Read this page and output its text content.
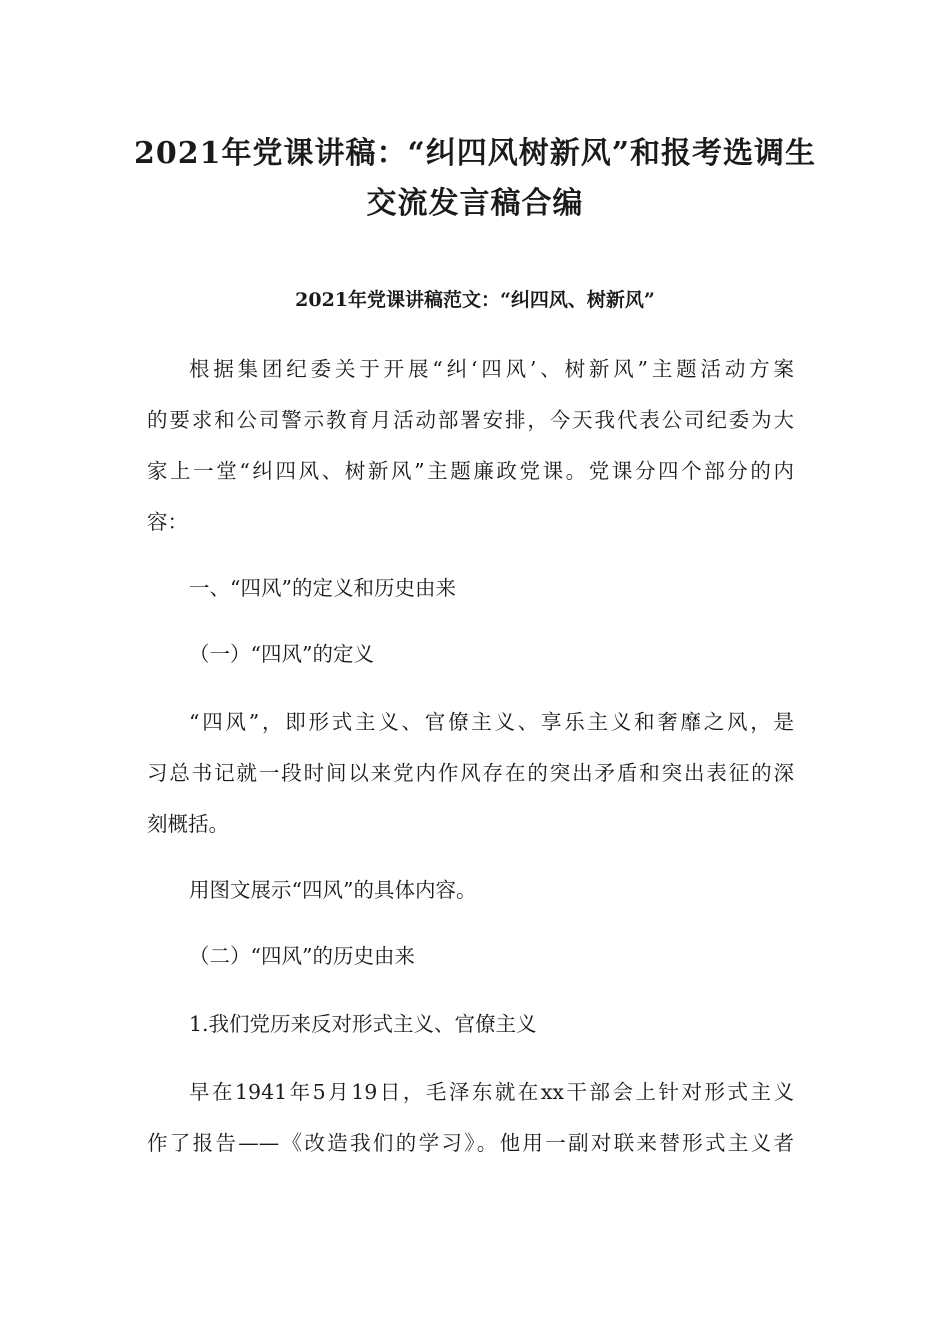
2021年党课讲稿：“纠四风树新风”和报考选调生
交流发言稿合编
2021年党课讲稿范文：“纠四风、树新风”
根据集团纪委关于开展“纠‘四风’、树新风”主题活动方案
的要求和公司警示教育月活动部署安排，今天我代表公司纪委为大
家上一堂“纠四风、树新风”主题廉政党课。党课分四个部分的内
容：
一、“四风”的定义和历史由来
（一）“四风”的定义
“四风”，即形式主义、官僚主义、享乐主义和奢靡之风，是
习总书记就一段时间以来党内作风存在的突出矛盾和突出表征的深
刻概括。
用图文展示“四风”的具体内容。
（二）“四风”的历史由来
1.我们党历来反对形式主义、官僚主义
早在1941年5月19日，毛泽东就在xx干部会上针对形式主义
作了报告——《改造我们的学习》。他用一副对联来替形式主义者
